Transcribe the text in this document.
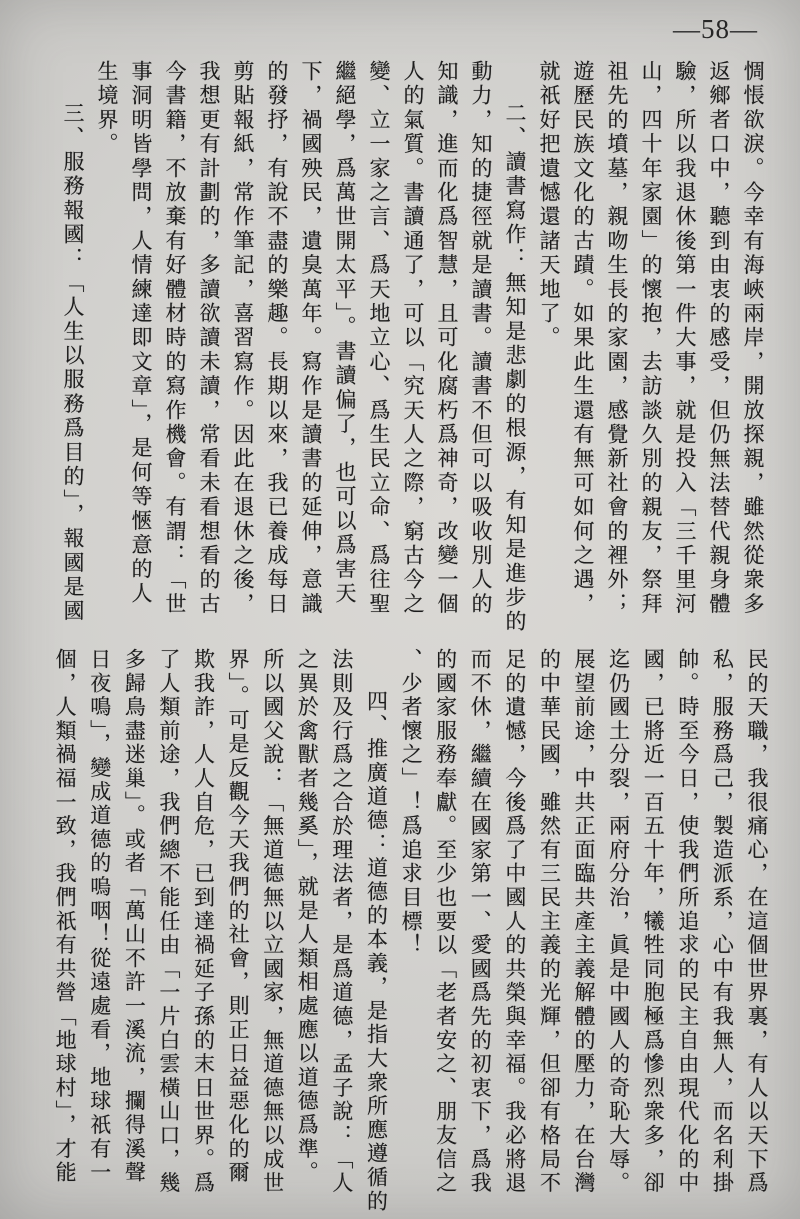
—58—
惆悵欲淚。今幸有海峽兩岸，開放探親，雖然從衆多
返鄉者口中，聽到由衷的感受，但仍無法替代親身體
驗，所以我退休後第一件大事，就是投入「三千里河
山，四十年家園」的懷抱，去訪談久別的親友，祭拜
祖先的墳墓，親吻生長的家園，感覺新社會的裡外；
遊歷民族文化的古蹟。如果此生還有無可如何之遇，
就祇好把遺憾還諸天地了。
二、讀書寫作：無知是悲劇的根源，有知是進步的
動力，知的捷徑就是讀書。讀書不但可以吸收別人的
知識，進而化爲智慧，且可化腐朽爲神奇，改變一個
人的氣質。書讀通了，可以「究天人之際，窮古今之
變、立一家之言、爲天地立心、爲生民立命、爲往聖
繼絕學，爲萬世開太平」。書讀偏了，也可以爲害天
下，禍國殃民，遺臭萬年。寫作是讀書的延伸，意識
的發抒，有說不盡的樂趣。長期以來，我已養成每日
剪貼報紙，常作筆記，喜習寫作。因此在退休之後，
我想更有計劃的，多讀欲讀未讀，常看未看想看的古
今書籍，不放棄有好體材時的寫作機會。有謂：「世
事洞明皆學問，人情練達即文章」，是何等愜意的人
生境界。
三、服務報國：「人生以服務爲目的」，報國是國
民的天職，我很痛心，在這個世界裏，有人以天下爲
私，服務爲己，製造派系，心中有我無人，而名利掛
帥。時至今日，使我們所追求的民主自由現代化的中
國，已將近一百五十年，犧牲同胞極爲慘烈衆多，卻
迄仍國土分裂，兩府分治，眞是中國人的奇恥大辱。
展望前途，中共正面臨共產主義解體的壓力，在台灣
的中華民國，雖然有三民主義的光輝，但卻有格局不
足的遺憾，今後爲了中國人的共榮與幸福。我必將退
而不休，繼續在國家第一、愛國爲先的初衷下，爲我
的國家服務奉獻。至少也要以「老者安之、朋友信之
、少者懷之」！爲追求目標！
四、推廣道德：道德的本義，是指大衆所應遵循的
法則及行爲之合於理法者，是爲道德，孟子說：「人
之異於禽獸者幾奚」，就是人類相處應以道德爲準。
所以國父說：「無道德無以立國家，無道德無以成世
界」。可是反觀今天我們的社會，則正日益惡化的爾
欺我詐，人人自危，已到達禍延子孫的末日世界。爲
了人類前途，我們總不能任由「一片白雲橫山口，幾
多歸鳥盡迷巢」。或者「萬山不許一溪流，攔得溪聲
日夜鳴」，變成道德的嗚咽！從遠處看，地球祇有一
個，人類禍福一致，我們祇有共營「地球村」，才能
